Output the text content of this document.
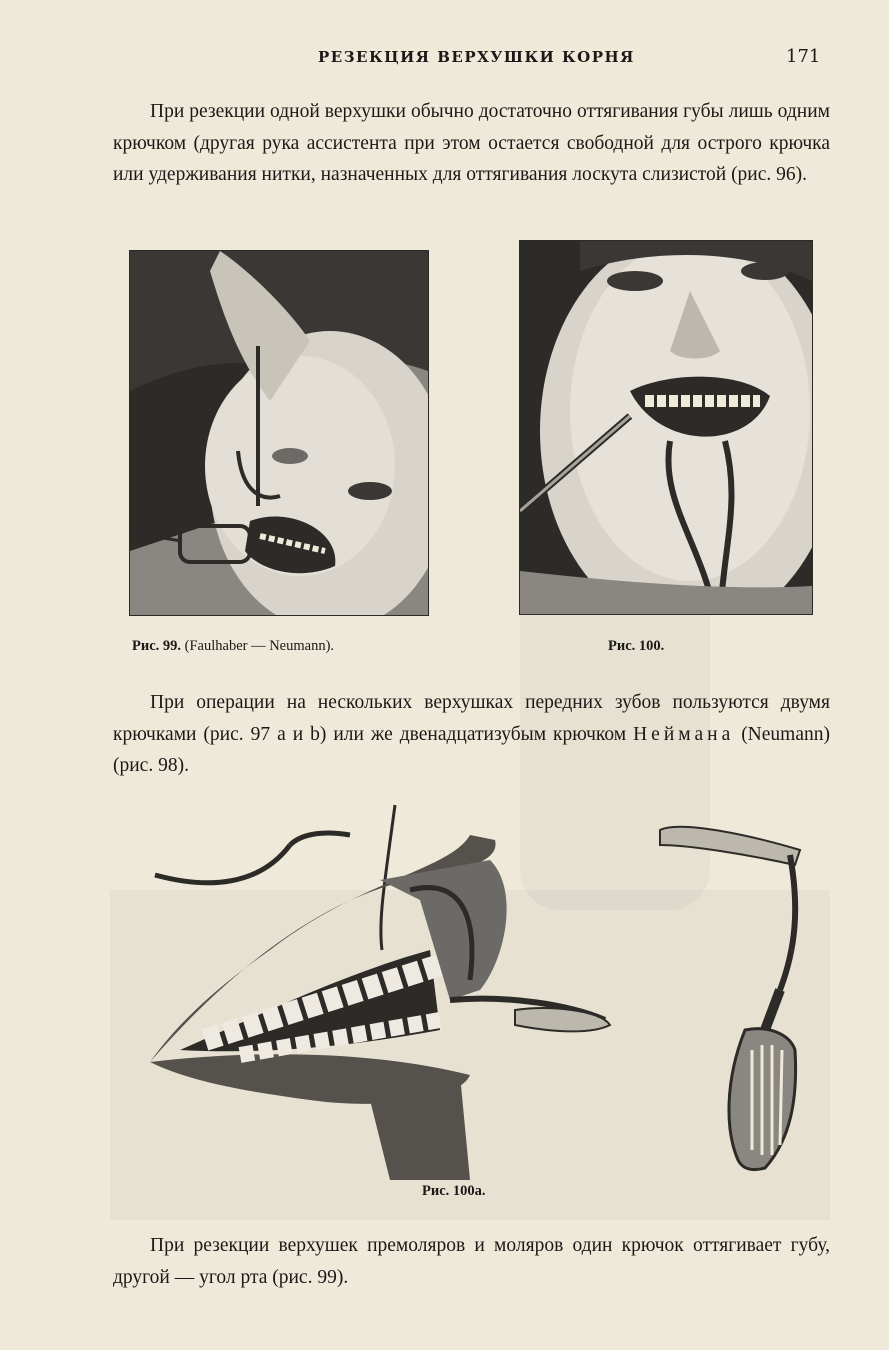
РЕЗЕКЦИЯ ВЕРХУШКИ КОРНЯ	171

При резекции одной верхушки обычно достаточно оттягивания губы лишь одним крючком (другая рука ассистента при этом остается свободной для острого крючка или удерживания нитки, назначенных для оттягивания лоскута слизистой (рис. 96).

Рис. 99. (Faulhaber — Neumann).	Рис. 100.

При операции на нескольких верхушках передних зубов пользуются двумя крючками (рис. 97 a и b) или же двенадцатизубым крючком Неймана (Neumann) (рис. 98).

Рис. 100a.

При резекции верхушек премоляров и моляров один крючок оттягивает губу, другой — угол рта (рис. 99).
